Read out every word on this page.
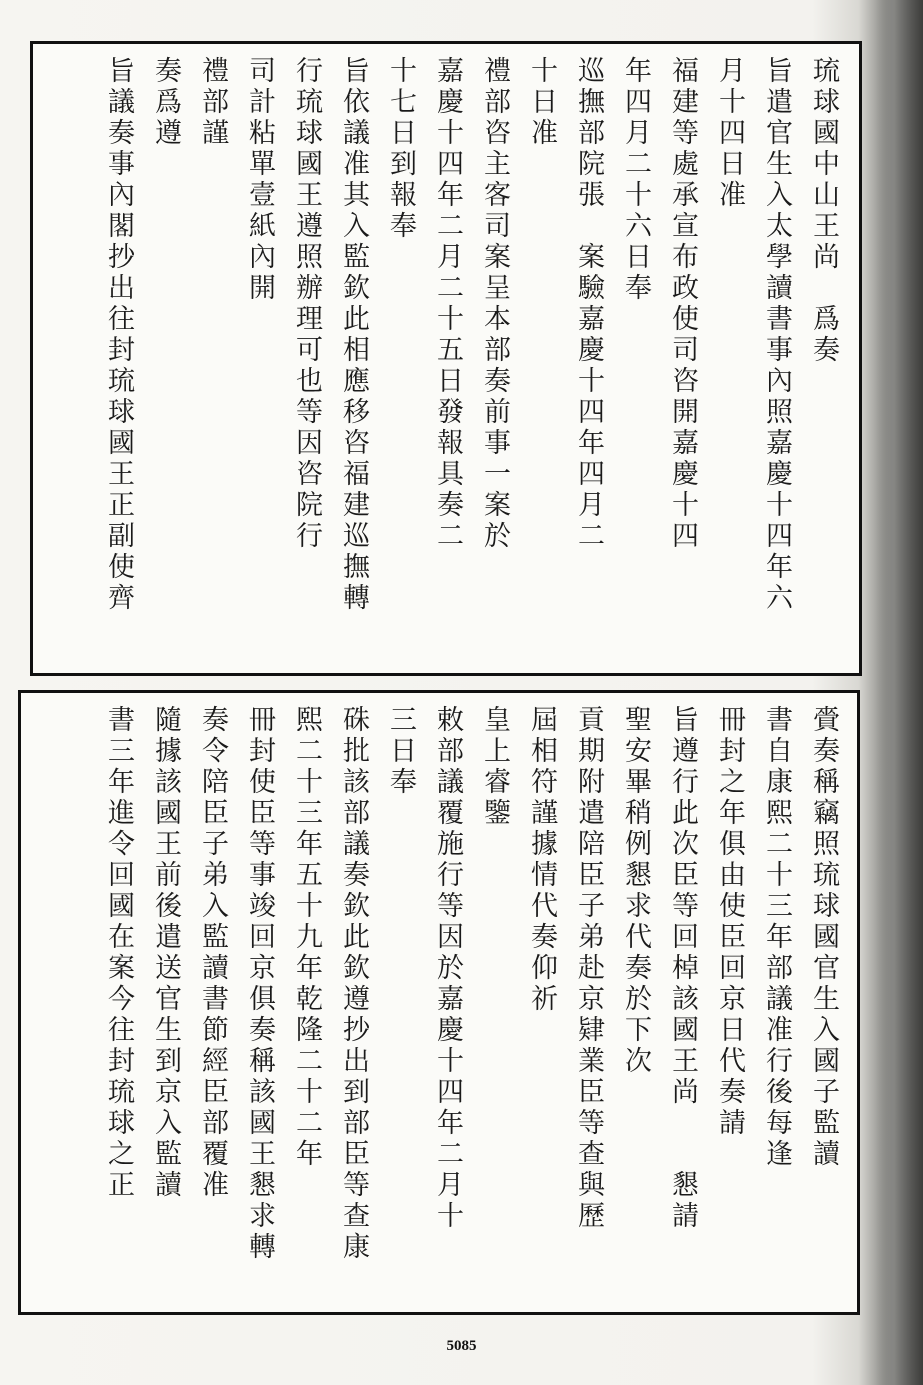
琉球國中山王尚　爲奏
旨遣官生入太學讀書事內照嘉慶十四年六
月十四日准
福建等處承宣布政使司咨開嘉慶十四
年四月二十六日奉
巡撫部院張　案驗嘉慶十四年四月二
十日准
禮部咨主客司案呈本部奏前事一案於
嘉慶十四年二月二十五日發報具奏二
十七日到報奉
旨依議准其入監欽此相應移咨福建巡撫轉
行琉球國王遵照辦理可也等因咨院行
司計粘單壹紙內開
禮部謹
奏爲遵
旨議奏事內閣抄出往封琉球國王正副使齊
賫奏稱竊照琉球國官生入國子監讀
書自康熙二十三年部議准行後每逢
冊封之年俱由使臣回京日代奏請
旨遵行此次臣等回棹該國王尚　　懇請
聖安畢稍例懇求代奏於下次
貢期附遣陪臣子弟赴京肄業臣等查與歷
屆相符謹據情代奏仰祈
皇上睿鑒
敕部議覆施行等因於嘉慶十四年二月十
三日奉
硃批該部議奏欽此欽遵抄出到部臣等查康
熙二十三年五十九年乾隆二十二年
冊封使臣等事竣回京俱奏稱該國王懇求轉
奏令陪臣子弟入監讀書節經臣部覆准
隨據該國王前後遣送官生到京入監讀
書三年進令回國在案今往封琉球之正
5085
